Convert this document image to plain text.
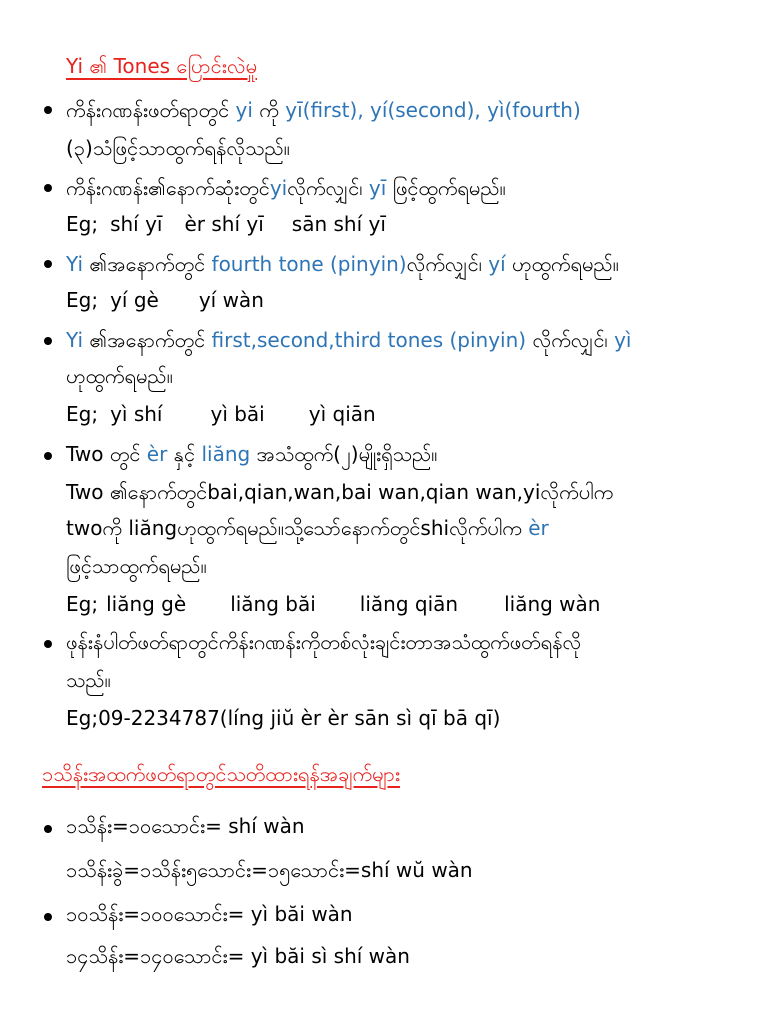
Yi ၏ Tones ပြောင်းလဲမှု
ကိန်းဂဏန်းဖတ်ရာတွင် yi ကို yī(first), yí(second), yì(fourth)
(၃)သံဖြင့်သာထွက်ရန်လိုသည်။
ကိန်းဂဏန်း၏နောက်ဆုံးတွင်yiလိုက်လျှင်၊ yī ဖြင့်ထွက်ရမည်။
Eg; shí yī èr shí yī sān shí yī
Yi ၏အနောက်တွင် fourth tone (pinyin)လိုက်လျှင်၊ yí ဟုထွက်ရမည်။
Eg; yí gè yí wàn
Yi ၏အနောက်တွင် first,second,third tones (pinyin) လိုက်လျှင်၊ yì
ဟုထွက်ရမည်။
Eg; yì shí yì băi yì qiān
Two တွင် èr နှင့် liăng အသံထွက်(၂)မျိုးရှိသည်။
Two ၏နောက်တွင်bai,qian,wan,bai wan,qian wan,yiလိုက်ပါက
twoကို liăngဟုထွက်ရမည်။သို့သော်နောက်တွင်shiလိုက်ပါက èr
ဖြင့်သာထွက်ရမည်။
Eg; liăng gè liăng băi liăng qiān liăng wàn
ဖုန်းနံပါတ်ဖတ်ရာတွင်ကိန်းဂဏန်းကိုတစ်လုံးချင်းတာအသံထွက်ဖတ်ရန်လို
သည်။
Eg;09-2234787(líng jiŭ èr èr sān sì qī bā qī)
၁သိန်းအထက်ဖတ်ရာတွင်သတိထားရန်အချက်များ
၁သိန်း=၁၀သောင်း= shí wàn
၁သိန်းခွဲ=၁သိန်း၅သောင်း=၁၅သောင်း=shí wŭ wàn
၁၀သိန်း=၁၀၀သောင်း= yì băi wàn
၁၄သိန်း=၁၄၀သောင်း= yì băi sì shí wàn
